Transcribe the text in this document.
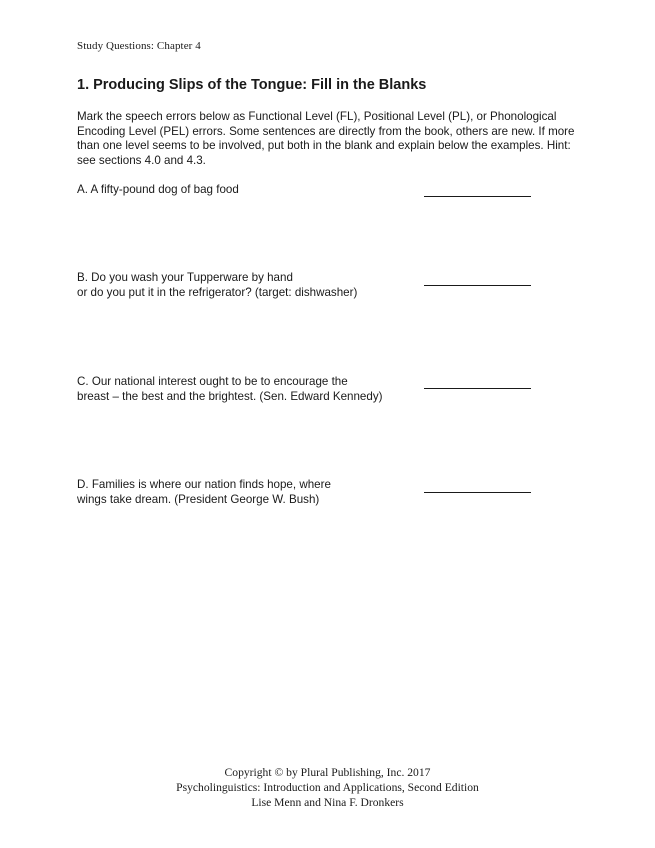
Study Questions: Chapter 4
1. Producing Slips of the Tongue: Fill in the Blanks
Mark the speech errors below as Functional Level (FL), Positional Level (PL), or Phonological Encoding Level (PEL) errors. Some sentences are directly from the book, others are new. If more than one level seems to be involved, put both in the blank and explain below the examples. Hint: see sections 4.0 and 4.3.
A. A fifty-pound dog of bag food
B. Do you wash your Tupperware by hand
or do you put it in the refrigerator? (target: dishwasher)
C. Our national interest ought to be to encourage the
breast – the best and the brightest. (Sen. Edward Kennedy)
D. Families is where our nation finds hope, where
wings take dream. (President George W. Bush)
Copyright © by Plural Publishing, Inc. 2017
Psycholinguistics: Introduction and Applications, Second Edition
Lise Menn and Nina F. Dronkers
